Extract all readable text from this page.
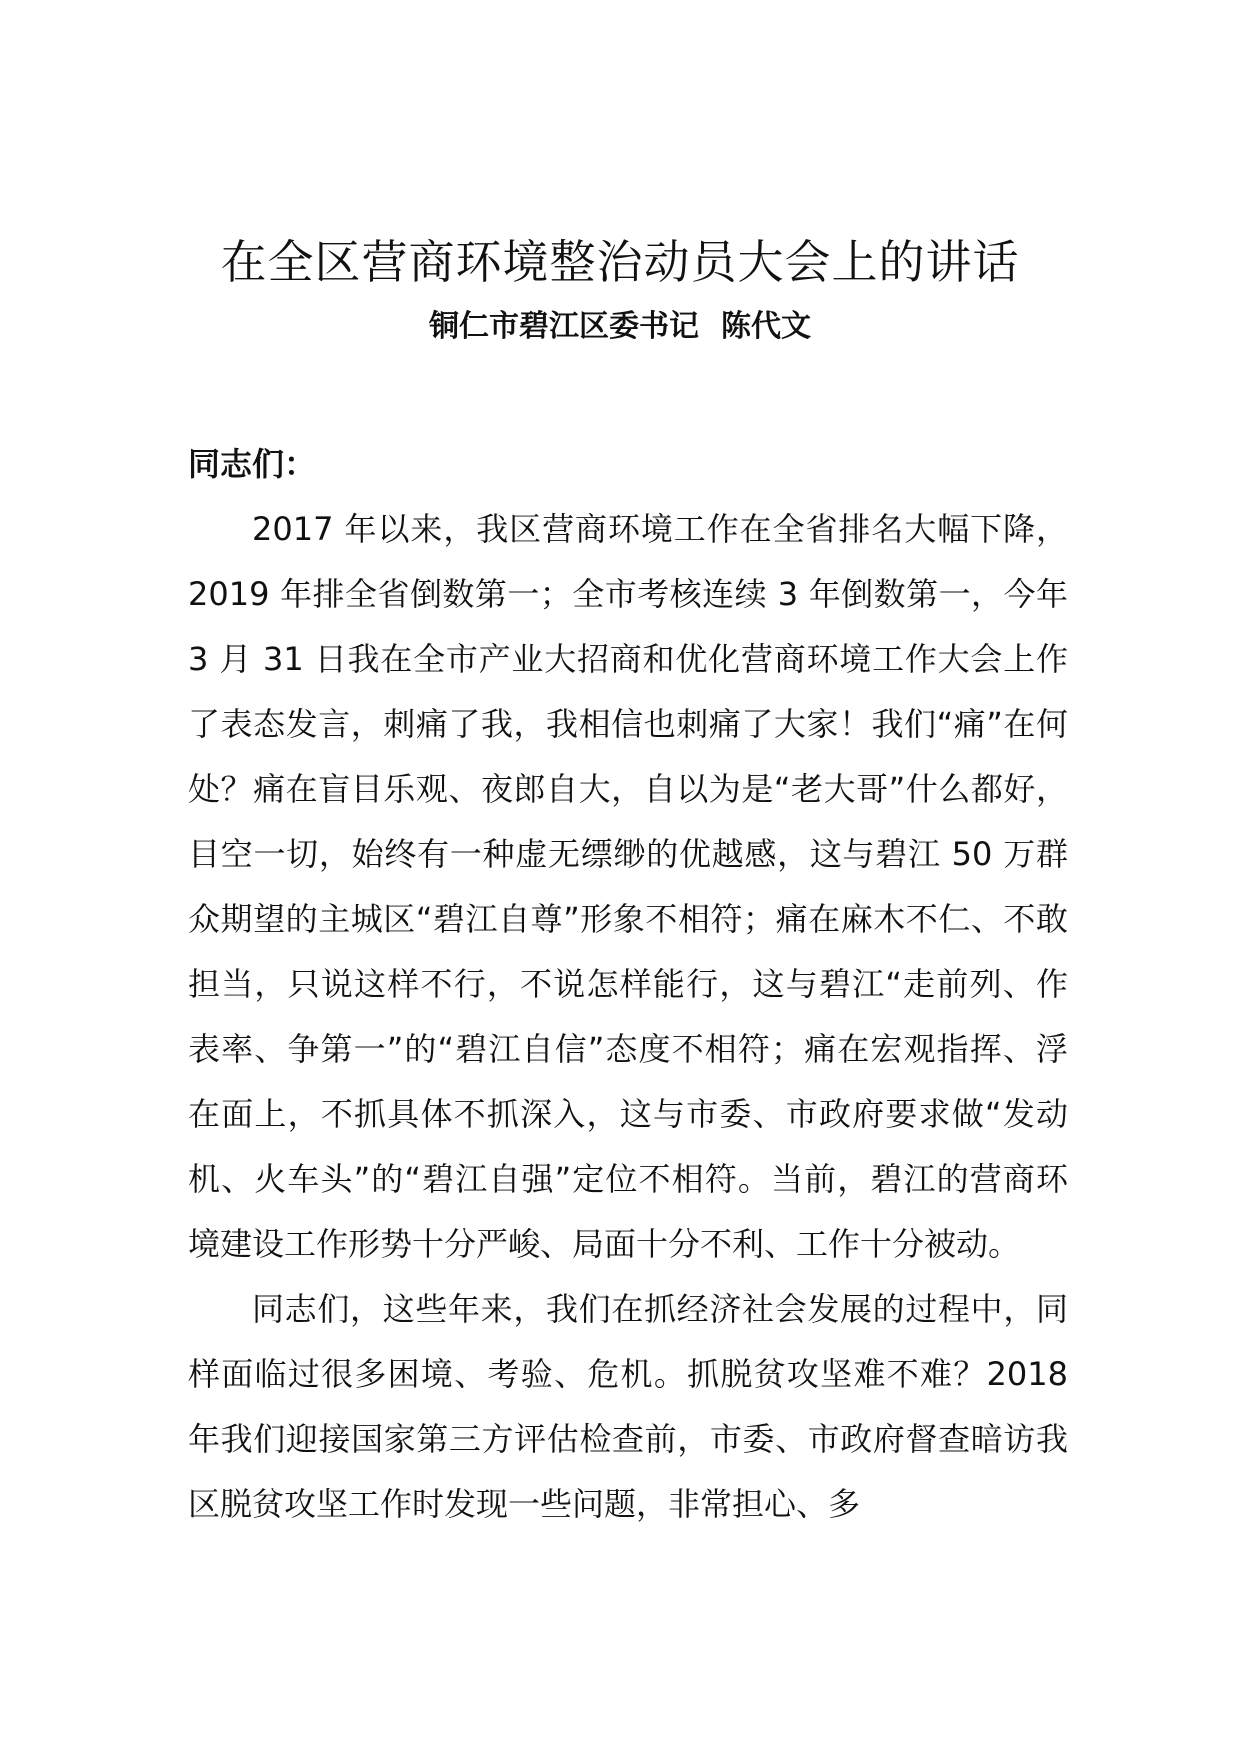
在全区营商环境整治动员大会上的讲话
铜仁市碧江区委书记 陈代文

同志们：

2017 年以来，我区营商环境工作在全省排名大幅下降，2019 年排全省倒数第一；全市考核连续 3 年倒数第一，今年 3 月 31 日我在全市产业大招商和优化营商环境工作大会上作了表态发言，刺痛了我，我相信也刺痛了大家！我们“痛”在何处？痛在盲目乐观、夜郎自大，自以为是“老大哥”什么都好，目空一切，始终有一种虚无缥缈的优越感，这与碧江 50 万群众期望的主城区“碧江自尊”形象不相符；痛在麻木不仁、不敢担当，只说这样不行，不说怎样能行，这与碧江“走前列、作表率、争第一”的“碧江自信”态度不相符；痛在宏观指挥、浮在面上，不抓具体不抓深入，这与市委、市政府要求做“发动机、火车头”的“碧江自强”定位不相符。当前，碧江的营商环境建设工作形势十分严峻、局面十分不利、工作十分被动。

同志们，这些年来，我们在抓经济社会发展的过程中，同样面临过很多困境、考验、危机。抓脱贫攻坚难不难？2018 年我们迎接国家第三方评估检查前，市委、市政府督查暗访我区脱贫攻坚工作时发现一些问题，非常担心、多
